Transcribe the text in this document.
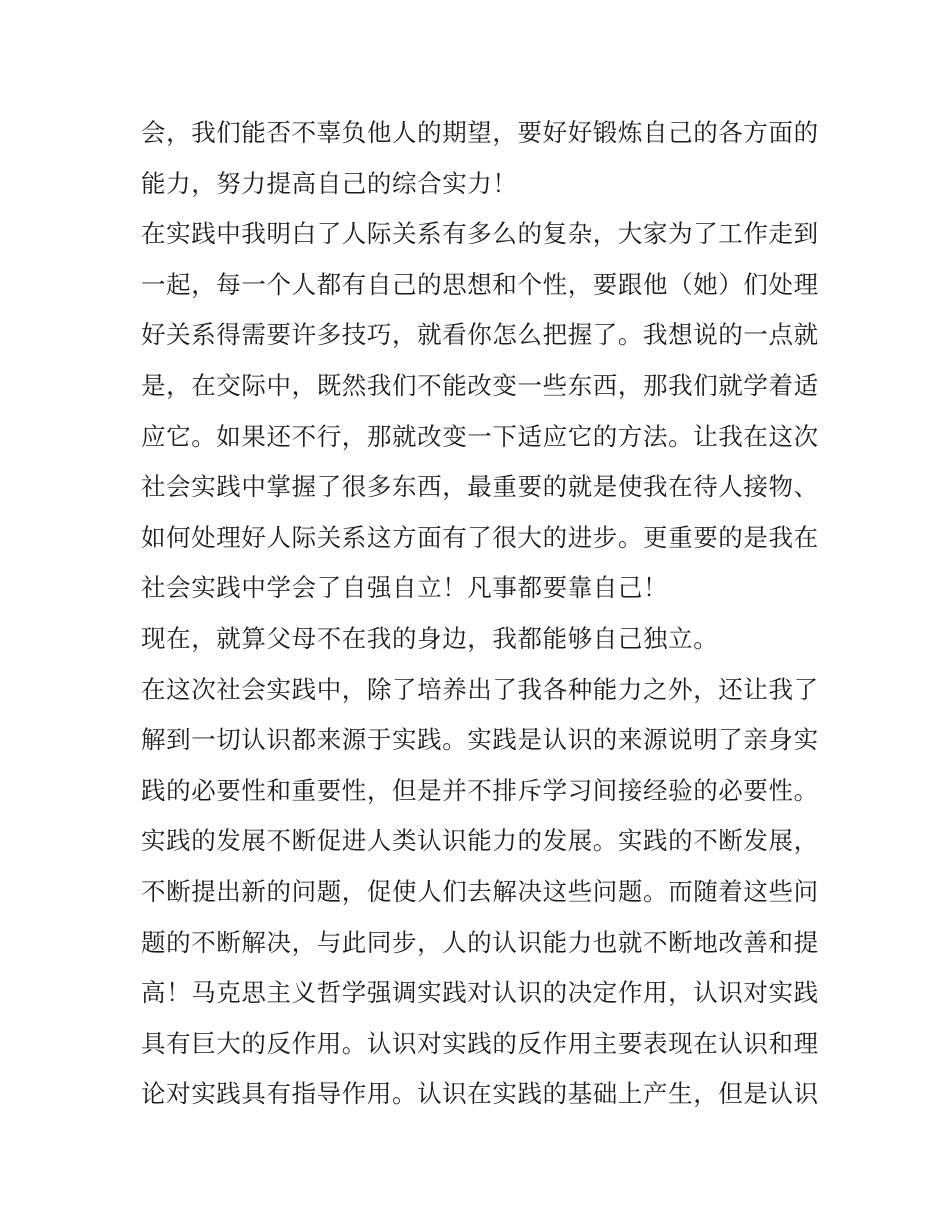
会，我们能否不辜负他人的期望，要好好锻炼自己的各方面的
能力，努力提高自己的综合实力！
在实践中我明白了人际关系有多么的复杂，大家为了工作走到
一起，每一个人都有自己的思想和个性，要跟他（她）们处理
好关系得需要许多技巧，就看你怎么把握了。我想说的一点就
是，在交际中，既然我们不能改变一些东西，那我们就学着适
应它。如果还不行，那就改变一下适应它的方法。让我在这次
社会实践中掌握了很多东西，最重要的就是使我在待人接物、
如何处理好人际关系这方面有了很大的进步。更重要的是我在
社会实践中学会了自强自立！凡事都要靠自己！
现在，就算父母不在我的身边，我都能够自己独立。
在这次社会实践中，除了培养出了我各种能力之外，还让我了
解到一切认识都来源于实践。实践是认识的来源说明了亲身实
践的必要性和重要性，但是并不排斥学习间接经验的必要性。
实践的发展不断促进人类认识能力的发展。实践的不断发展，
不断提出新的问题，促使人们去解决这些问题。而随着这些问
题的不断解决，与此同步，人的认识能力也就不断地改善和提
高！马克思主义哲学强调实践对认识的决定作用，认识对实践
具有巨大的反作用。认识对实践的反作用主要表现在认识和理
论对实践具有指导作用。认识在实践的基础上产生，但是认识
